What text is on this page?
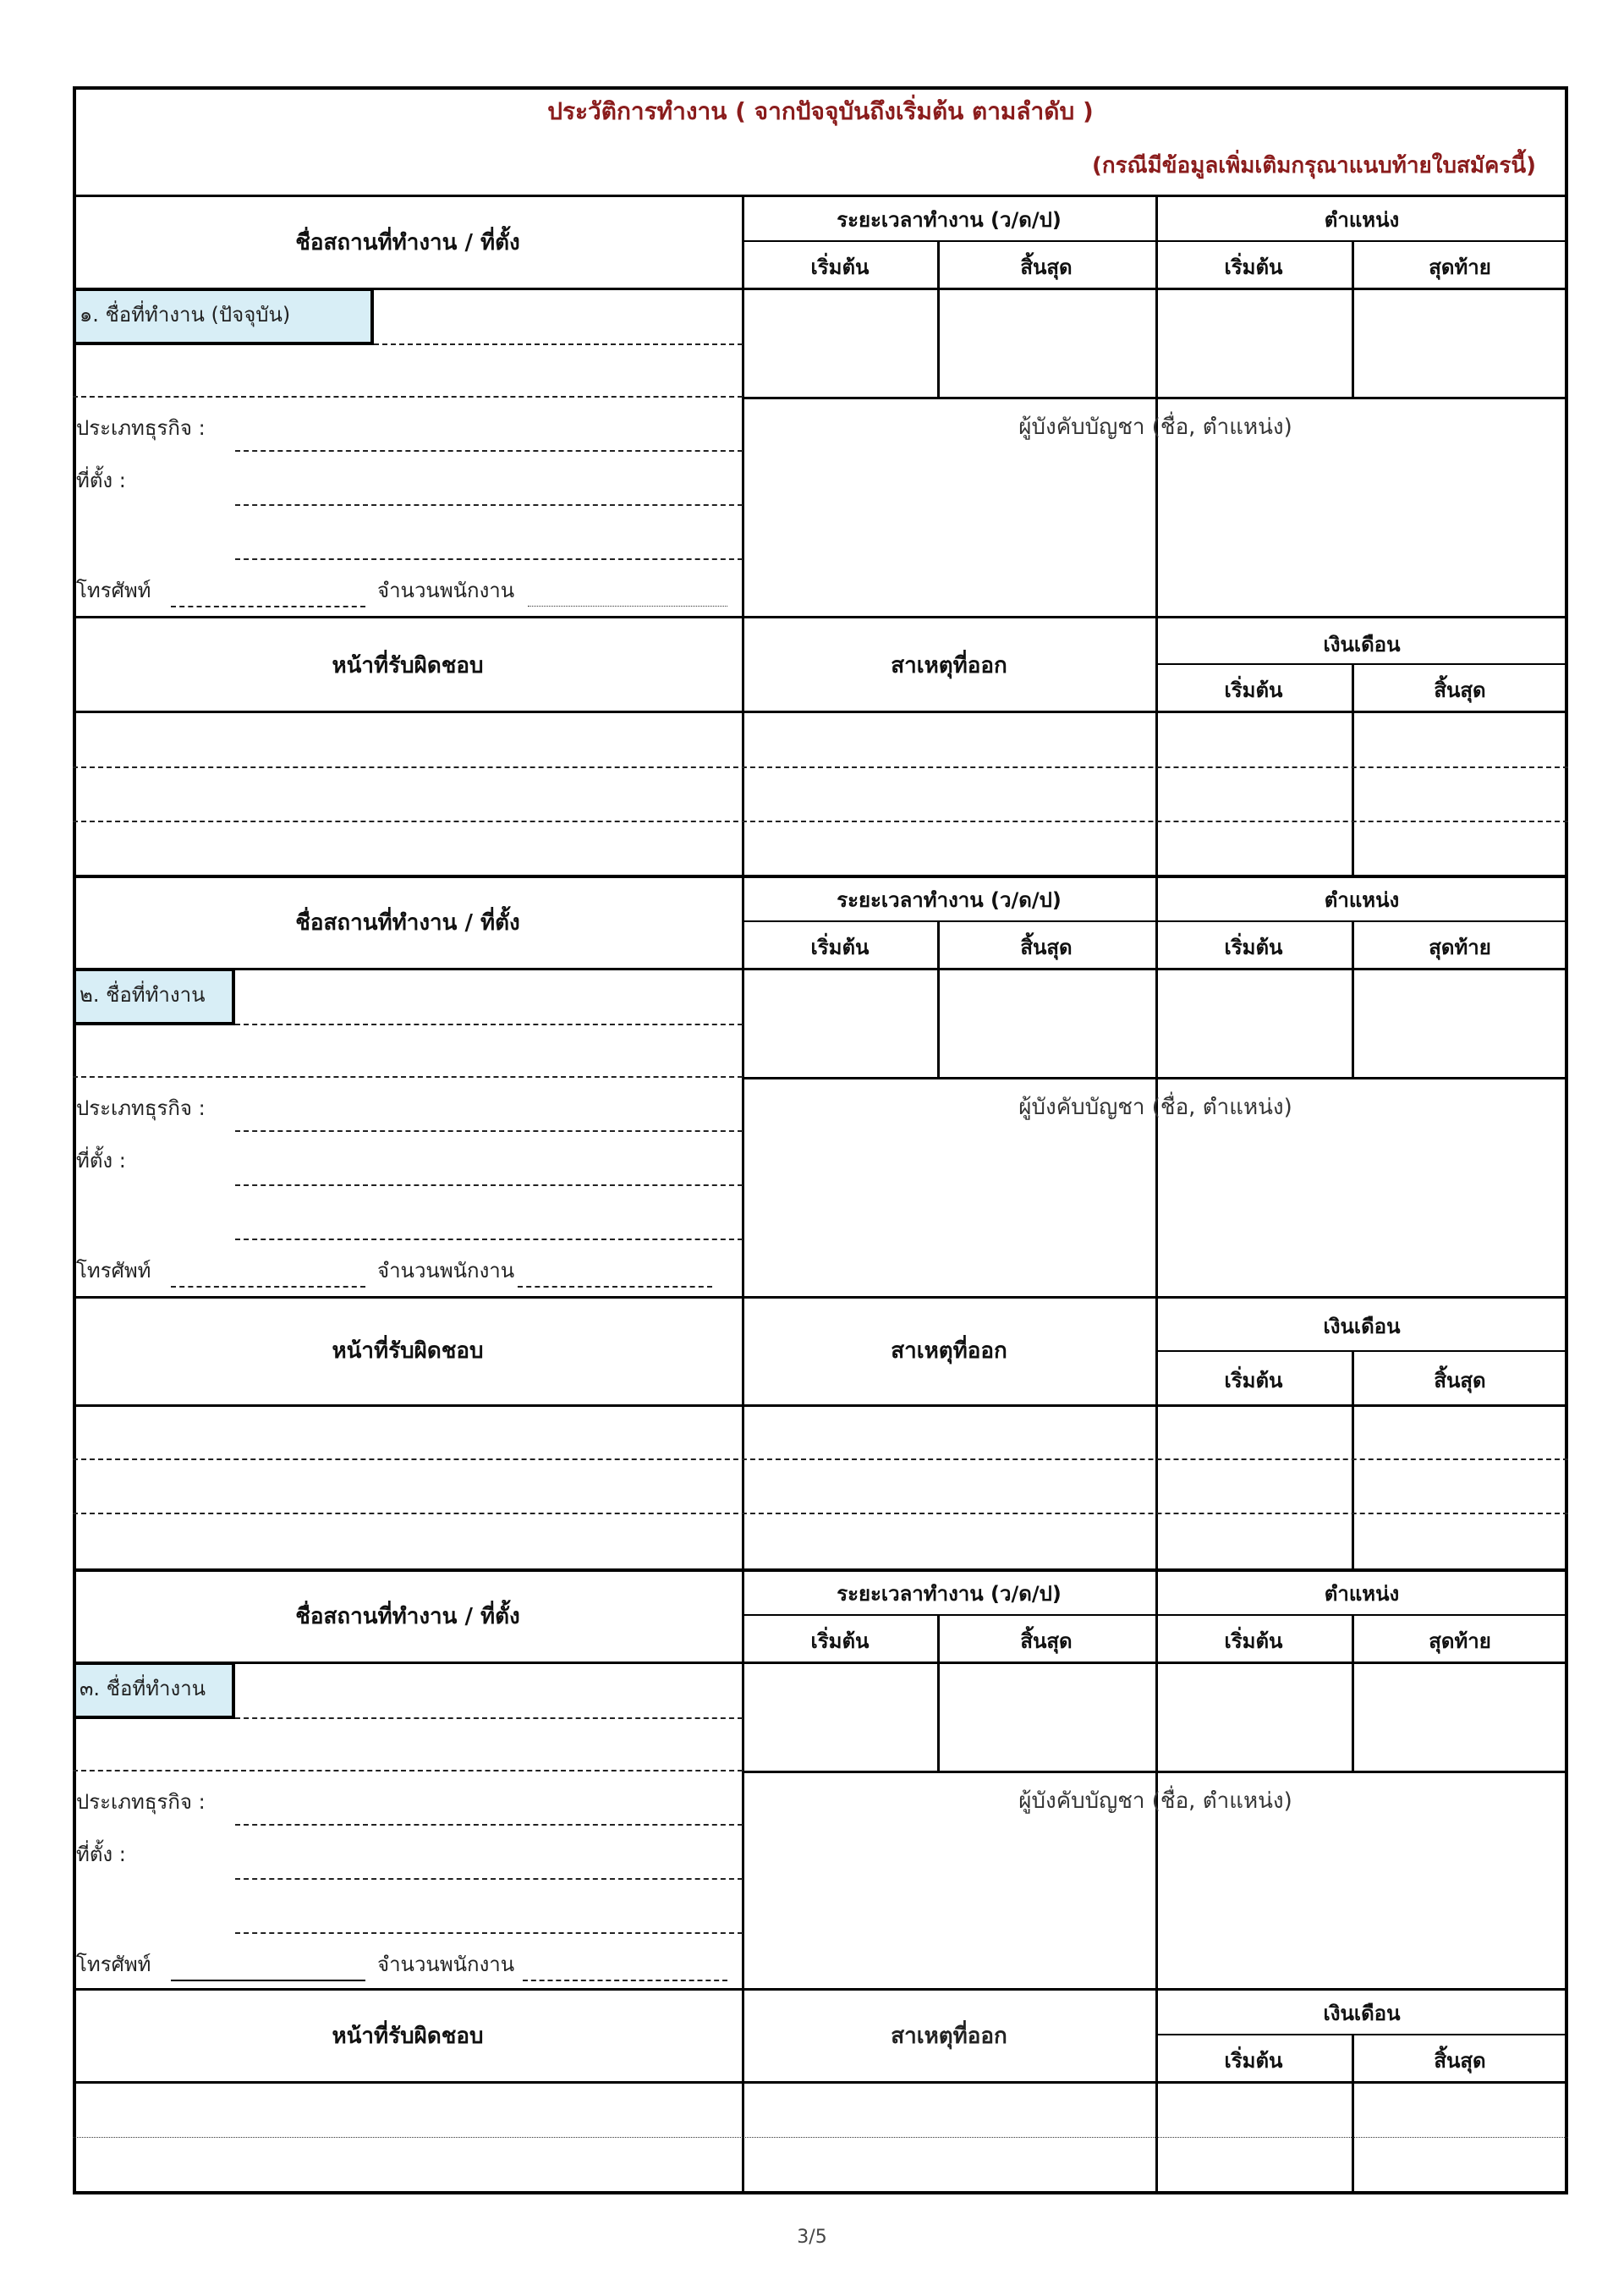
ประวัติการทำงาน ( จากปัจจุบันถึงเริ่มต้น ตามลำดับ )
(กรณีมีข้อมูลเพิ่มเติมกรุณาแนบท้ายใบสมัครนี้)
ชื่อสถานที่ทำงาน / ที่ตั้ง
ระยะเวลาทำงาน (ว/ด/ป)	ตำแหน่ง
เริ่มต้น	สิ้นสุด	เริ่มต้น	สุดท้าย
๑. ชื่อที่ทำงาน (ปัจจุบัน)
ประเภทธุรกิจ :
ที่ตั้ง :
โทรศัพท์	จำนวนพนักงาน
ผู้บังคับบัญชา (ชื่อ, ตำแหน่ง)
หน้าที่รับผิดชอบ	สาเหตุที่ออก
เงินเดือน
เริ่มต้น	สิ้นสุด
ชื่อสถานที่ทำงาน / ที่ตั้ง
ระยะเวลาทำงาน (ว/ด/ป)	ตำแหน่ง
เริ่มต้น	สิ้นสุด	เริ่มต้น	สุดท้าย
๒. ชื่อที่ทำงาน
ประเภทธุรกิจ :
ที่ตั้ง :
โทรศัพท์	จำนวนพนักงาน
ผู้บังคับบัญชา (ชื่อ, ตำแหน่ง)
หน้าที่รับผิดชอบ	สาเหตุที่ออก
เงินเดือน
เริ่มต้น	สิ้นสุด
ชื่อสถานที่ทำงาน / ที่ตั้ง
ระยะเวลาทำงาน (ว/ด/ป)	ตำแหน่ง
เริ่มต้น	สิ้นสุด	เริ่มต้น	สุดท้าย
๓. ชื่อที่ทำงาน
ประเภทธุรกิจ :
ที่ตั้ง :
โทรศัพท์	จำนวนพนักงาน
ผู้บังคับบัญชา (ชื่อ, ตำแหน่ง)
หน้าที่รับผิดชอบ	สาเหตุที่ออก
เงินเดือน
เริ่มต้น	สิ้นสุด
3/5
